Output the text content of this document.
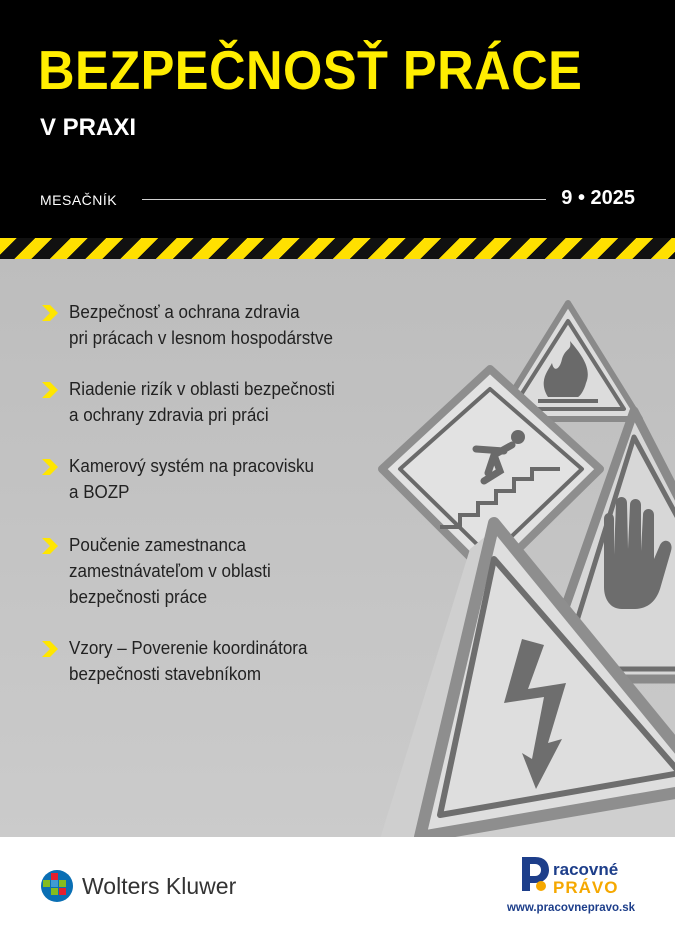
BEZPEČNOSŤ PRÁCE
V PRAXI
MESAČNÍK	9 • 2025
Bezpečnosť a ochrana zdravia
pri prácach v lesnom hospodárstve
Riadenie rizík v oblasti bezpečnosti
a ochrany zdravia pri práci
Kamerový systém na pracovisku
a BOZP
Poučenie zamestnanca
zamestnávateľom v oblasti
bezpečnosti práce
Vzory – Poverenie koordinátora
bezpečnosti stavebníkom
Wolters Kluwer
racovné
PRÁVO
www.pracovnepravo.sk
